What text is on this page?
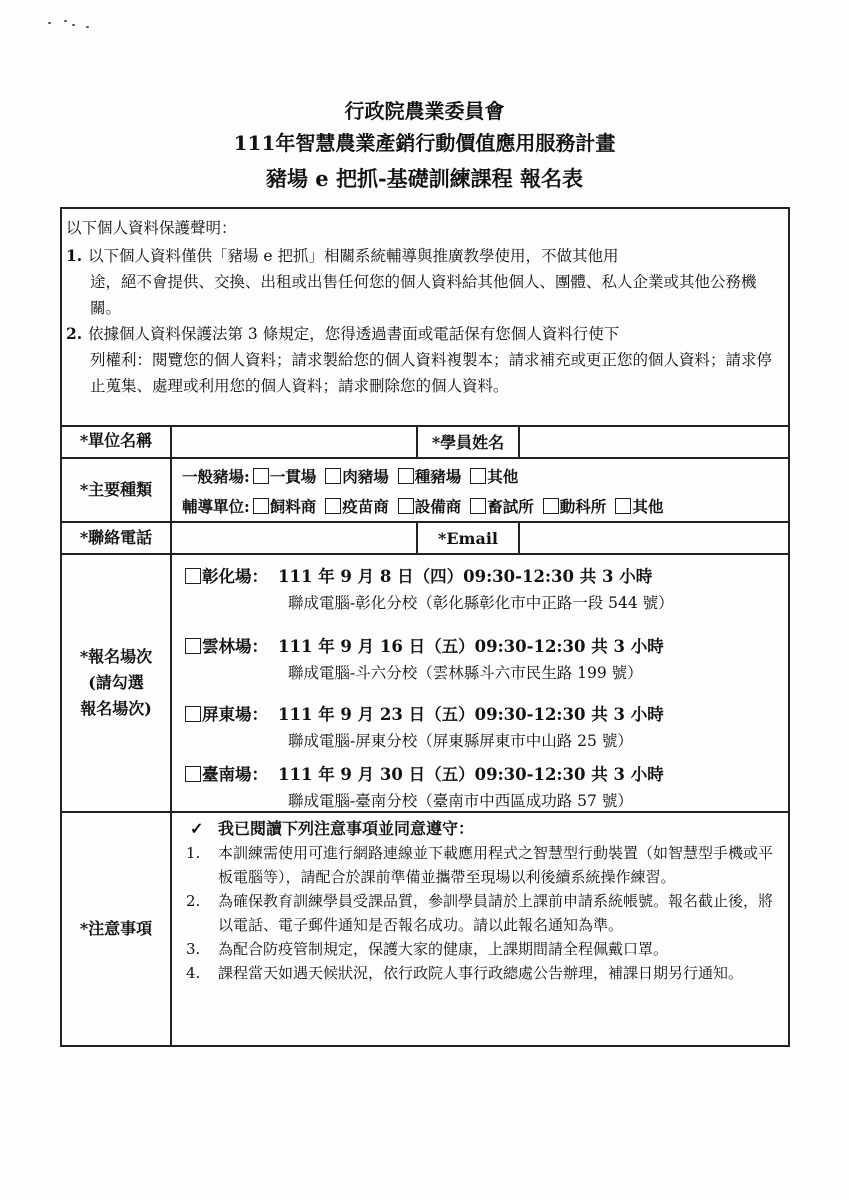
行政院農業委員會
111年智慧農業產銷行動價值應用服務計畫
豬場 e 把抓-基礎訓練課程 報名表
以下個人資料保護聲明：
1. 以下個人資料僅供「豬場 e 把抓」相關系統輔導與推廣教學使用，不做其他用
途，絕不會提供、交換、出租或出售任何您的個人資料給其他個人、團體、私人企業或其他公務機關。
2. 依據個人資料保護法第 3 條規定，您得透過書面或電話保有您個人資料行使下
列權利：閱覽您的個人資料；請求製給您的個人資料複製本；請求補充或更正您的個人資料；請求停止蒐集、處理或利用您的個人資料；請求刪除您的個人資料。
*單位名稱	*學員姓名
*主要種類
一般豬場: 一貫場 肉豬場 種豬場 其他
輔導單位: 飼料商 疫苗商 設備商 畜試所 動科所 其他
*聯絡電話	*Email
*報名場次
(請勾選
報名場次)
彰化場： 111 年 9 月 8 日（四）09:30-12:30 共 3 小時
聯成電腦-彰化分校（彰化縣彰化市中正路一段 544 號）
雲林場： 111 年 9 月 16 日（五）09:30-12:30 共 3 小時
聯成電腦-斗六分校（雲林縣斗六市民生路 199 號）
屏東場： 111 年 9 月 23 日（五）09:30-12:30 共 3 小時
聯成電腦-屏東分校（屏東縣屏東市中山路 25 號）
臺南場： 111 年 9 月 30 日（五）09:30-12:30 共 3 小時
聯成電腦-臺南分校（臺南市中西區成功路 57 號）
*注意事項
✓ 我已閱讀下列注意事項並同意遵守：
1. 本訓練需使用可進行網路連線並下載應用程式之智慧型行動裝置（如智慧型手機或平板電腦等），請配合於課前準備並攜帶至現場以利後續系統操作練習。
2. 為確保教育訓練學員受課品質，參訓學員請於上課前申請系統帳號。報名截止後，將以電話、電子郵件通知是否報名成功。請以此報名通知為準。
3. 為配合防疫管制規定，保護大家的健康，上課期間請全程佩戴口罩。
4. 課程當天如遇天候狀況，依行政院人事行政總處公告辦理，補課日期另行通知。
